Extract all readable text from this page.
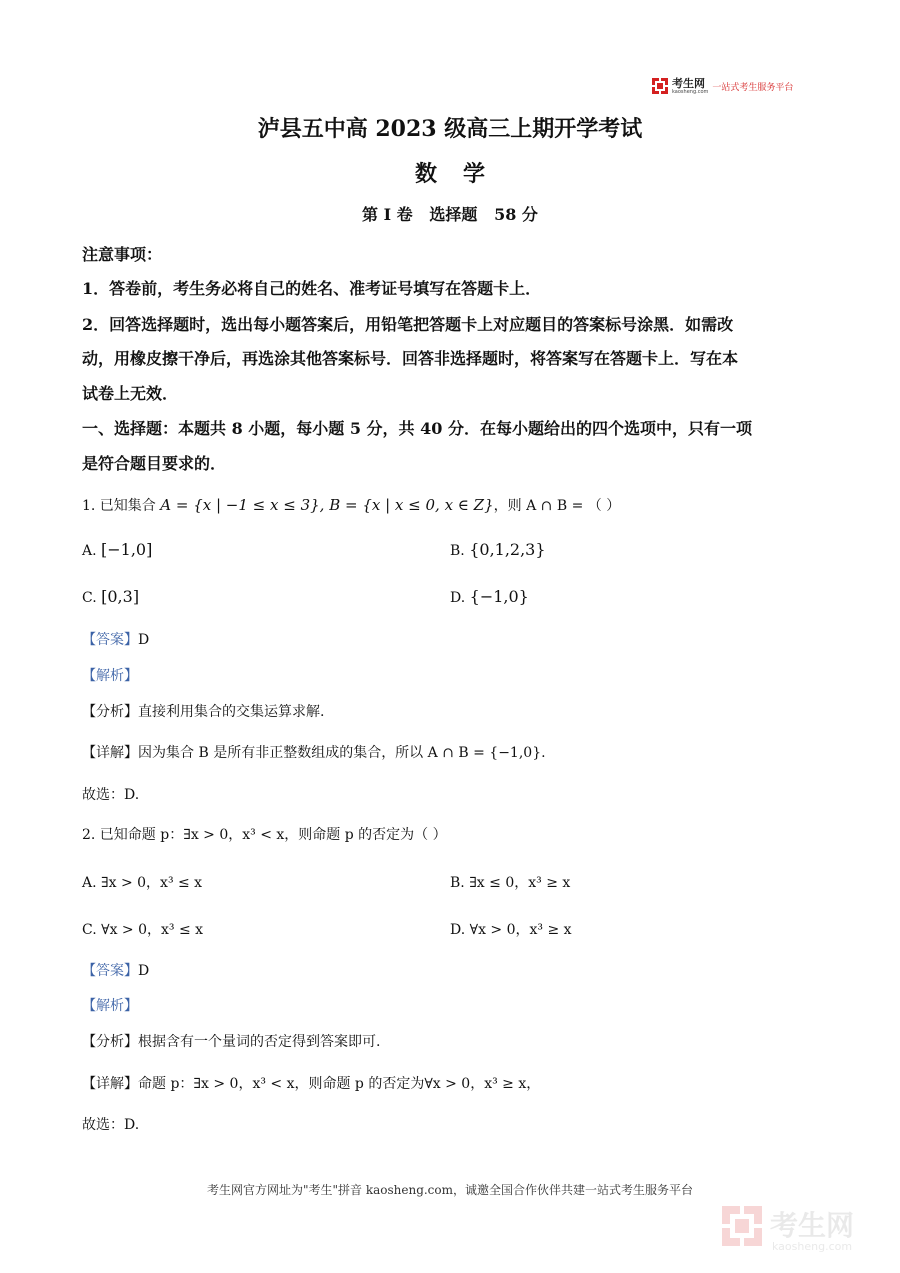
考生网
kaosheng.com 一站式考生服务平台
泸县五中高 2023 级高三上期开学考试
数学
第 I 卷   选择题   58 分
注意事项：
1．答卷前，考生务必将自己的姓名、准考证号填写在答题卡上．
2．回答选择题时，选出每小题答案后，用铅笔把答题卡上对应题目的答案标号涂黑．如需改
动，用橡皮擦干净后，再选涂其他答案标号．回答非选择题时，将答案写在答题卡上．写在本
试卷上无效．
一、选择题：本题共 8 小题，每小题 5 分，共 40 分．在每小题给出的四个选项中，只有一项
是符合题目要求的．
1. 已知集合 A = {x | −1 ≤ x ≤ 3}, B = {x | x ≤ 0, x ∈ Z}，则 A ∩ B = （ ）
A. [−1,0]	B. {0,1,2,3}
C. [0,3]	D. {−1,0}
【答案】D
【解析】
【分析】直接利用集合的交集运算求解.
【详解】因为集合 B 是所有非正整数组成的集合，所以 A ∩ B = {−1,0}.
故选：D.
2. 已知命题 p：∃x > 0，x³ < x，则命题 p 的否定为（ ）
A. ∃x > 0，x³ ≤ x	B. ∃x ≤ 0，x³ ≥ x
C. ∀x > 0，x³ ≤ x	D. ∀x > 0，x³ ≥ x
【答案】D
【解析】
【分析】根据含有一个量词的否定得到答案即可.
【详解】命题 p：∃x > 0，x³ < x，则命题 p 的否定为∀x > 0，x³ ≥ x，
故选：D.
考生网官方网址为"考生"拼音 kaosheng.com，诚邀全国合作伙伴共建一站式考生服务平台
考生网
kaosheng.com
